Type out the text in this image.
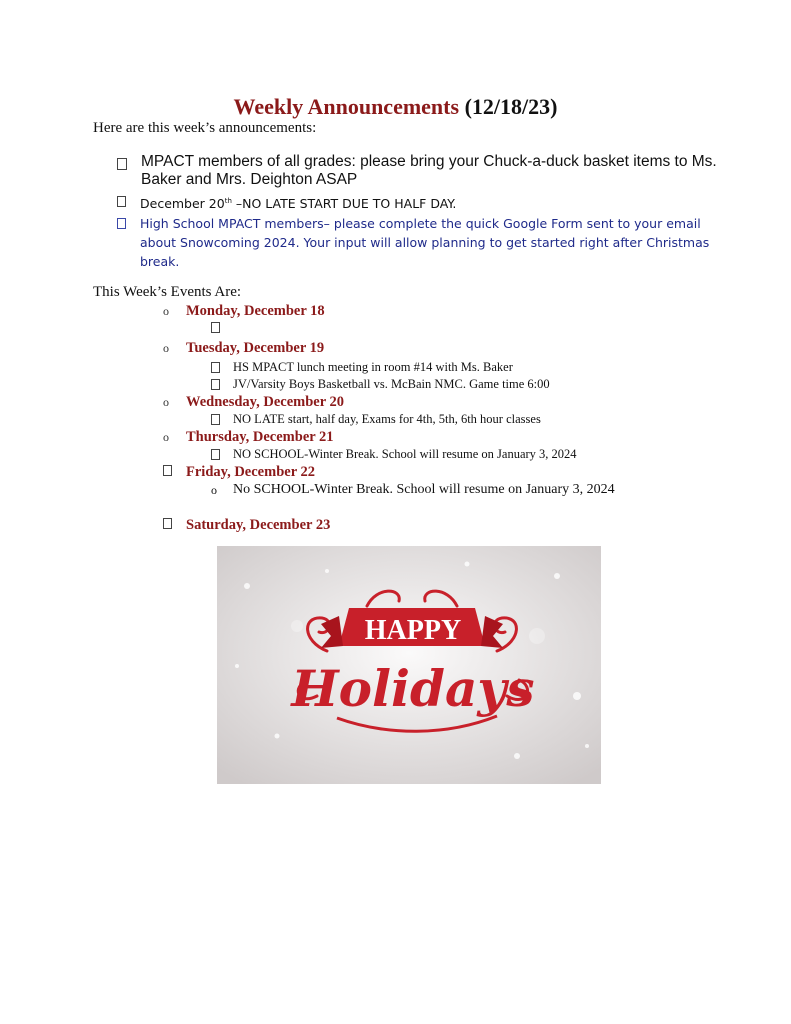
Weekly Announcements (12/18/23)
Here are this week’s announcements:
MPACT members of all grades: please bring your Chuck-a-duck basket items to Ms. Baker and Mrs. Deighton ASAP
December 20th –NO LATE START DUE TO HALF DAY.
High School MPACT members– please complete the quick Google Form sent to your email about Snowcoming 2024. Your input will allow planning to get started right after Christmas break.
This Week’s Events Are:
o	Monday, December 18
o	Tuesday, December 19
HS MPACT lunch meeting in room #14 with Ms. Baker
JV/Varsity Boys Basketball vs. McBain NMC. Game time 6:00
o	Wednesday, December 20
NO LATE start, half day, Exams for 4th, 5th, 6th hour classes
o	Thursday, December 21
NO SCHOOL-Winter Break. School will resume on January 3, 2024
Friday, December 22
o	No SCHOOL-Winter Break. School will resume on January 3, 2024
Saturday, December 23
HAPPY
Holidays
